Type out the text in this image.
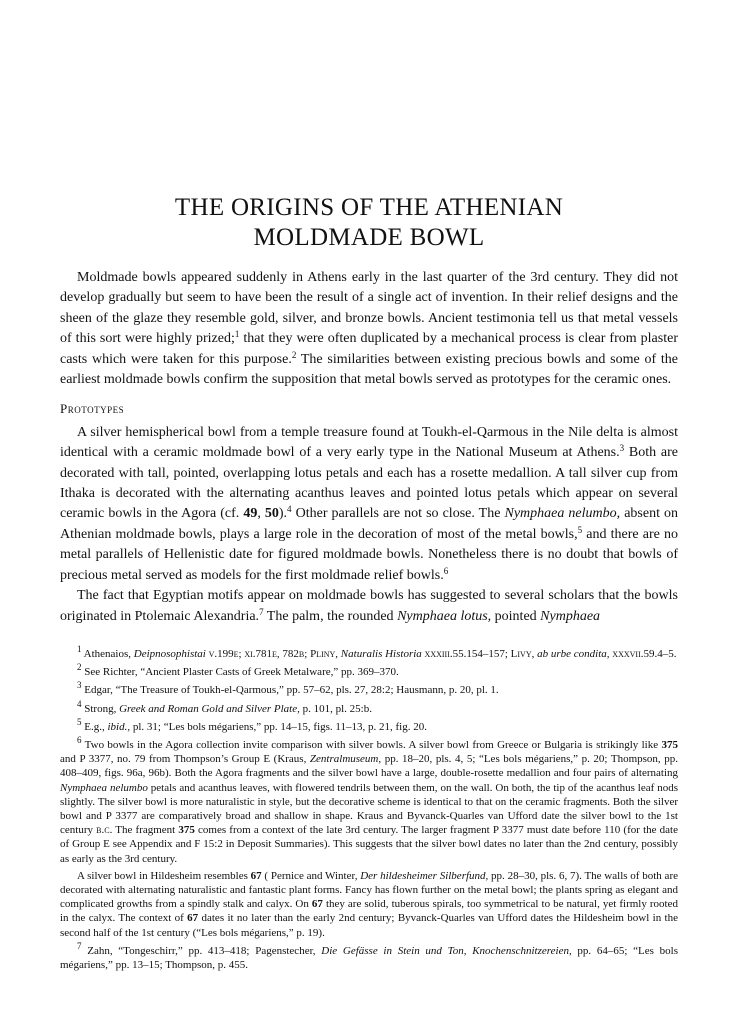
THE ORIGINS OF THE ATHENIAN
MOLDMADE BOWL

Moldmade bowls appeared suddenly in Athens early in the last quarter of the 3rd century. They did not develop gradually but seem to have been the result of a single act of invention. In their relief designs and the sheen of the glaze they resemble gold, silver, and bronze bowls. Ancient testimonia tell us that metal vessels of this sort were highly prized;$^1$ that they were often duplicated by a mechanical process is clear from plaster casts which were taken for this purpose.$^2$ The similarities between existing precious bowls and some of the earliest moldmade bowls confirm the supposition that metal bowls served as prototypes for the ceramic ones.

Prototypes

A silver hemispherical bowl from a temple treasure found at Toukh-el-Qarmous in the Nile delta is almost identical with a ceramic moldmade bowl of a very early type in the National Museum at Athens.$^3$ Both are decorated with tall, pointed, overlapping lotus petals and each has a rosette medallion. A tall silver cup from Ithaka is decorated with the alternating acanthus leaves and pointed lotus petals which appear on several ceramic bowls in the Agora (cf. 49, 50).$^4$ Other parallels are not so close. The Nymphaea nelumbo, absent on Athenian moldmade bowls, plays a large role in the decoration of most of the metal bowls,$^5$ and there are no metal parallels of Hellenistic date for figured moldmade bowls. Nonetheless there is no doubt that bowls of precious metal served as models for the first moldmade relief bowls.$^6$

The fact that Egyptian motifs appear on moldmade bowls has suggested to several scholars that the bowls originated in Ptolemaic Alexandria.$^7$ The palm, the rounded Nymphaea lotus, pointed Nymphaea

$^1$ Athenaios, Deipnosophistai v.199e; xi.781e, 782b; Pliny, Naturalis Historia xxxiii.55.154–157; Livy, ab urbe condita, xxxvii.59.4–5.

$^2$ See Richter, “Ancient Plaster Casts of Greek Metalware,” pp. 369–370.

$^3$ Edgar, “The Treasure of Toukh-el-Qarmous,” pp. 57–62, pls. 27, 28:2; Hausmann, p. 20, pl. 1.

$^4$ Strong, Greek and Roman Gold and Silver Plate, p. 101, pl. 25:b.

$^5$ E.g., ibid., pl. 31; “Les bols mégariens,” pp. 14–15, figs. 11–13, p. 21, fig. 20.

$^6$ Two bowls in the Agora collection invite comparison with silver bowls. A silver bowl from Greece or Bulgaria is strikingly like 375 and P 3377, no. 79 from Thompson’s Group E (Kraus, Zentralmuseum, pp. 18–20, pls. 4, 5; “Les bols mégariens,” p. 20; Thompson, pp. 408–409, figs. 96a, 96b). Both the Agora fragments and the silver bowl have a large, double-rosette medallion and four pairs of alternating Nymphaea nelumbo petals and acanthus leaves, with flowered tendrils between them, on the wall. On both, the tip of the acanthus leaf nods slightly. The silver bowl is more naturalistic in style, but the decorative scheme is identical to that on the ceramic fragments. Both the silver bowl and P 3377 are comparatively broad and shallow in shape. Kraus and Byvanck-Quarles van Ufford date the silver bowl to the 1st century b.c. The fragment 375 comes from a context of the late 3rd century. The larger fragment P 3377 must date before 110 (for the date of Group E see Appendix and F 15:2 in Deposit Summaries). This suggests that the silver bowl dates no later than the 2nd century, possibly as early as the 3rd century.

A silver bowl in Hildesheim resembles 67 ( Pernice and Winter, Der hildesheimer Silberfund, pp. 28–30, pls. 6, 7). The walls of both are decorated with alternating naturalistic and fantastic plant forms. Fancy has flown further on the metal bowl; the plants spring as elegant and complicated growths from a spindly stalk and calyx. On 67 they are solid, tuberous spirals, too symmetrical to be natural, yet firmly rooted in the calyx. The context of 67 dates it no later than the early 2nd century; Byvanck-Quarles van Ufford dates the Hildesheim bowl in the second half of the 1st century (“Les bols mégariens,” p. 19).

$^7$ Zahn, “Tongeschirr,” pp. 413–418; Pagenstecher, Die Gefässe in Stein und Ton, Knochenschnitzereien, pp. 64–65; “Les bols mégariens,” pp. 13–15; Thompson, p. 455.
